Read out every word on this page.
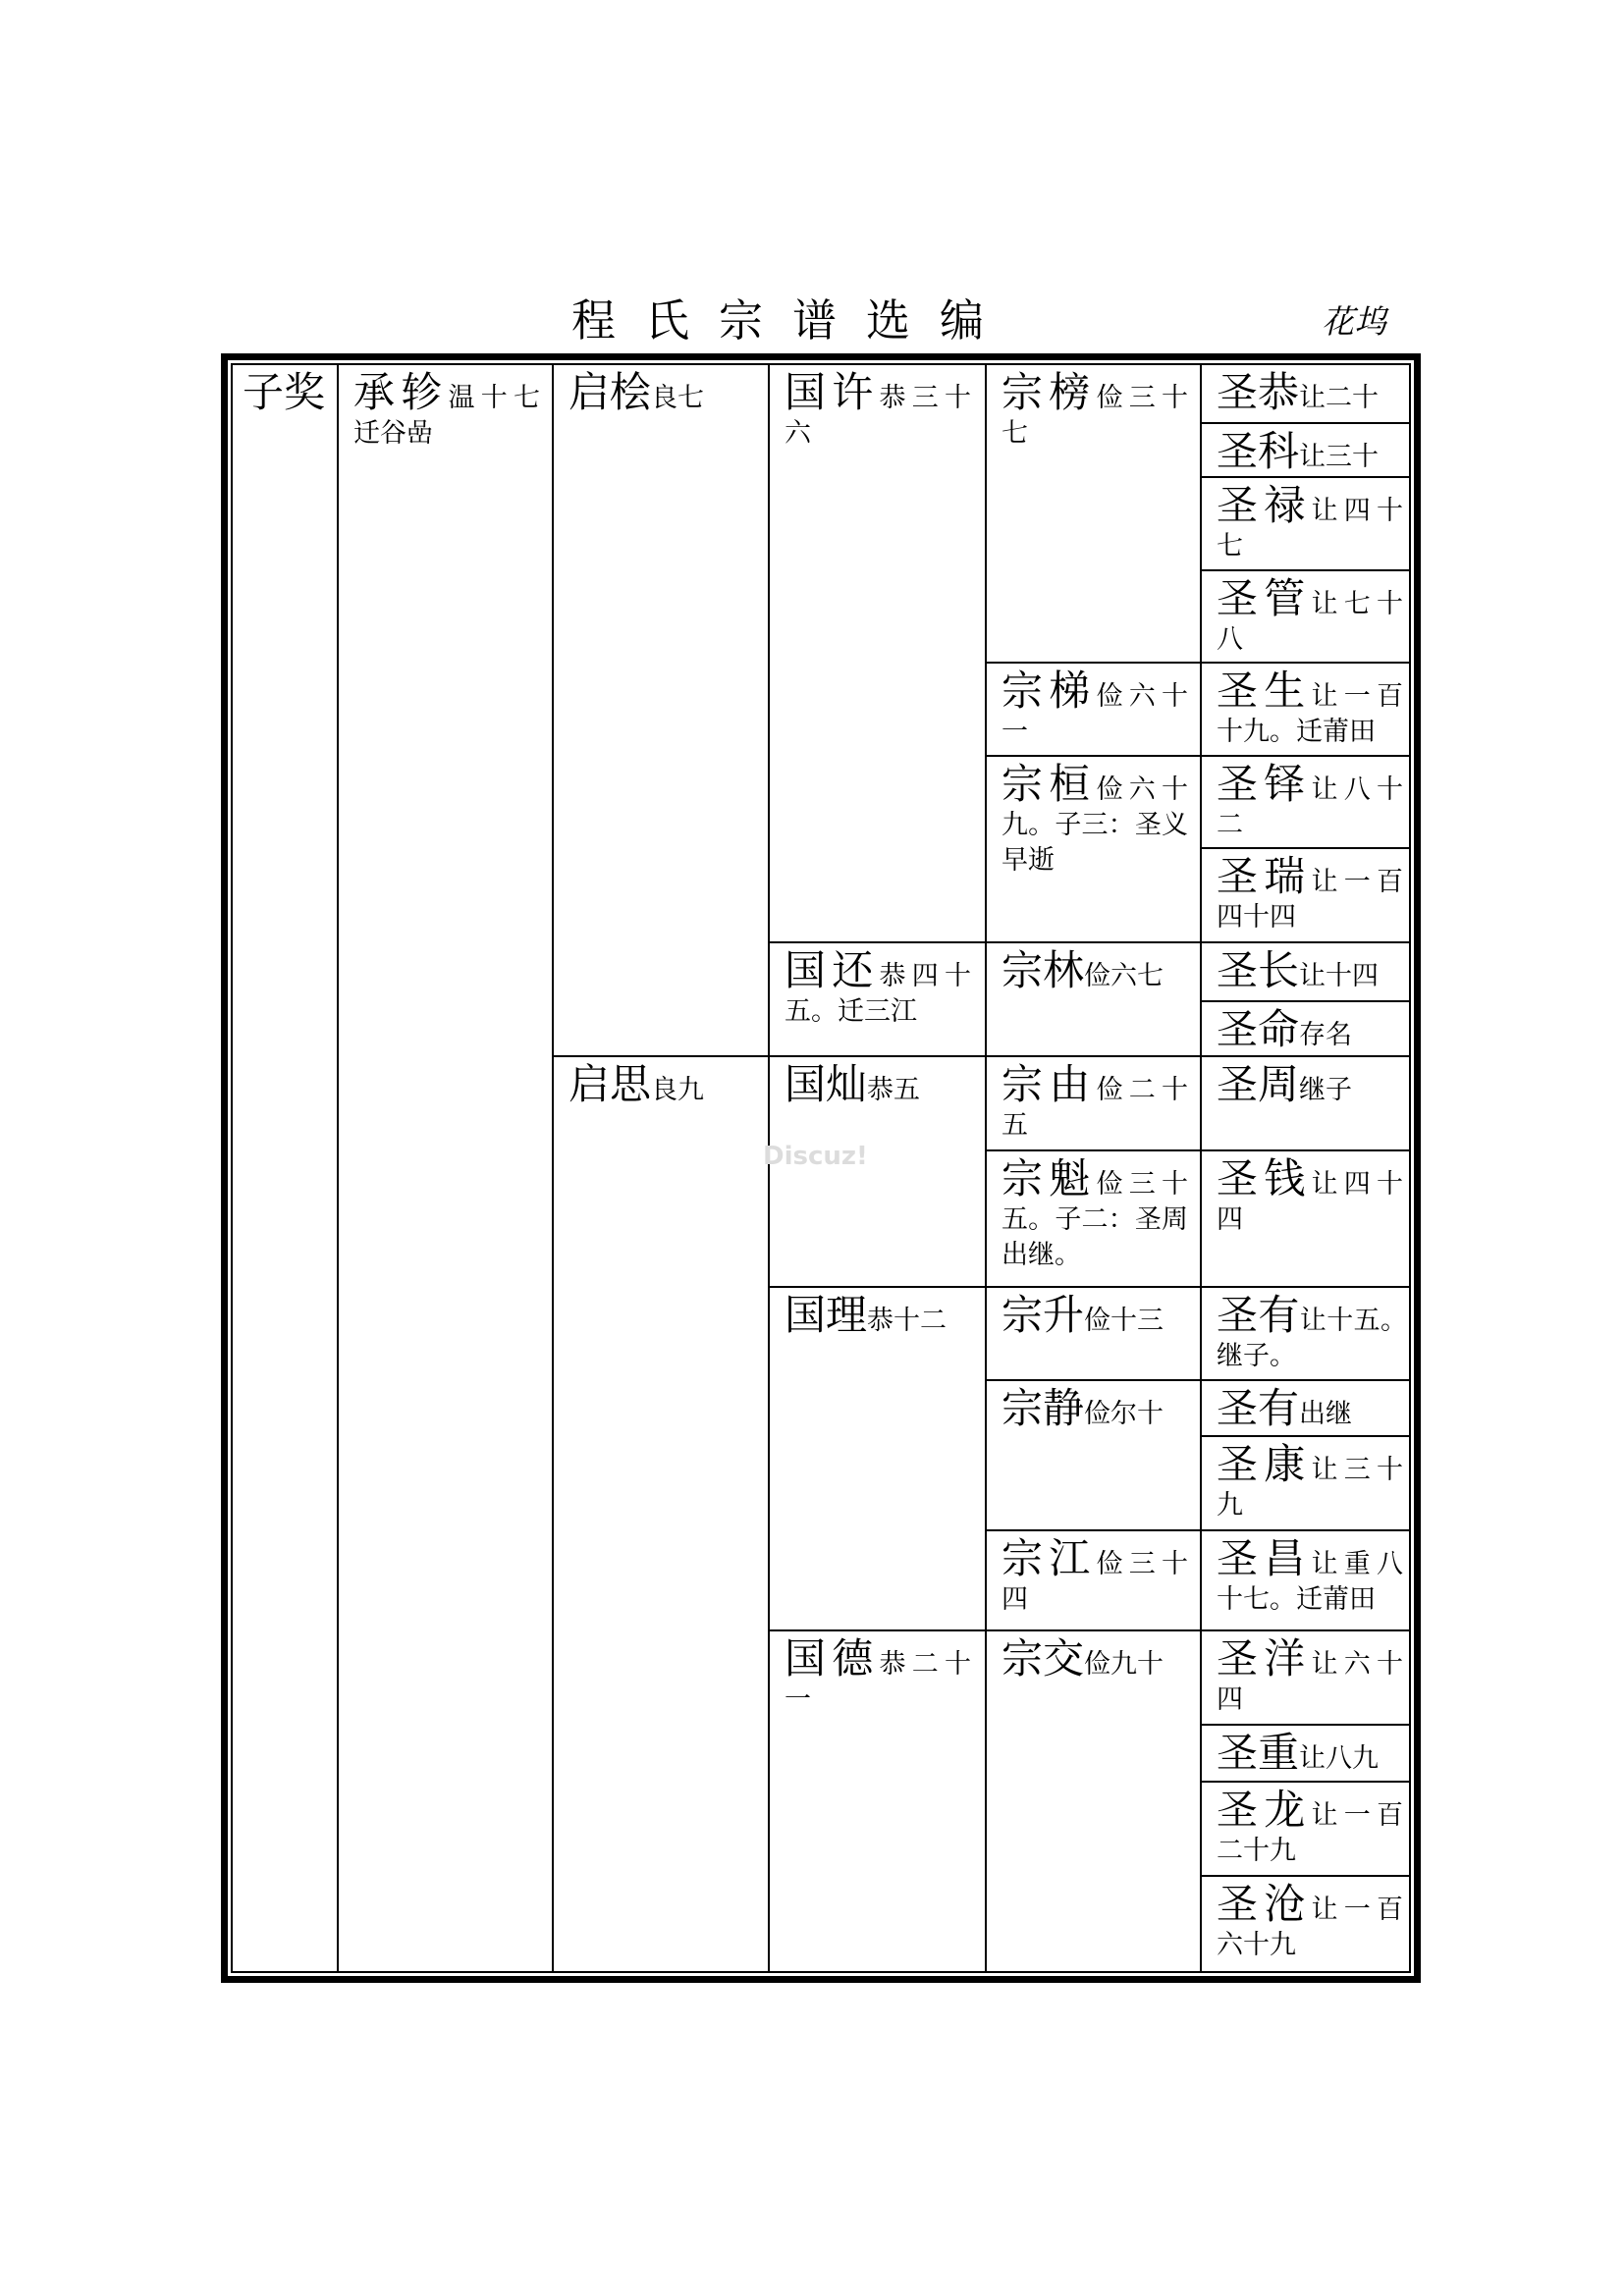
程氏宗谱选编	花坞
子奖 承轸温十七迁谷嵒
启桧良七
启思良九
国许恭三十六
国还恭四十五。迁三江
国灿恭五
国理恭十二
国德恭二十一
宗榜俭三十七
宗梯俭六十一
宗桓俭六十九。子三：圣义早逝
宗林俭六七
宗由俭二十五
宗魁俭三十五。子二：圣周出继。
宗升俭十三
宗静俭尔十
宗江俭三十四
宗交俭九十
圣恭让二十
圣科让三十
圣禄让四十七
圣管让七十八
圣生让一百十九。迁莆田
圣铎让八十二
圣瑞让一百四十四
圣长让十四
圣命存名
圣周继子
圣钱让四十四
圣有让十五。继子。
圣有出继
圣康让三十九
圣昌让重八十七。迁莆田
圣洋让六十四
圣重让八九
圣龙让一百二十九
圣沧让一百六十九
Discuz!
